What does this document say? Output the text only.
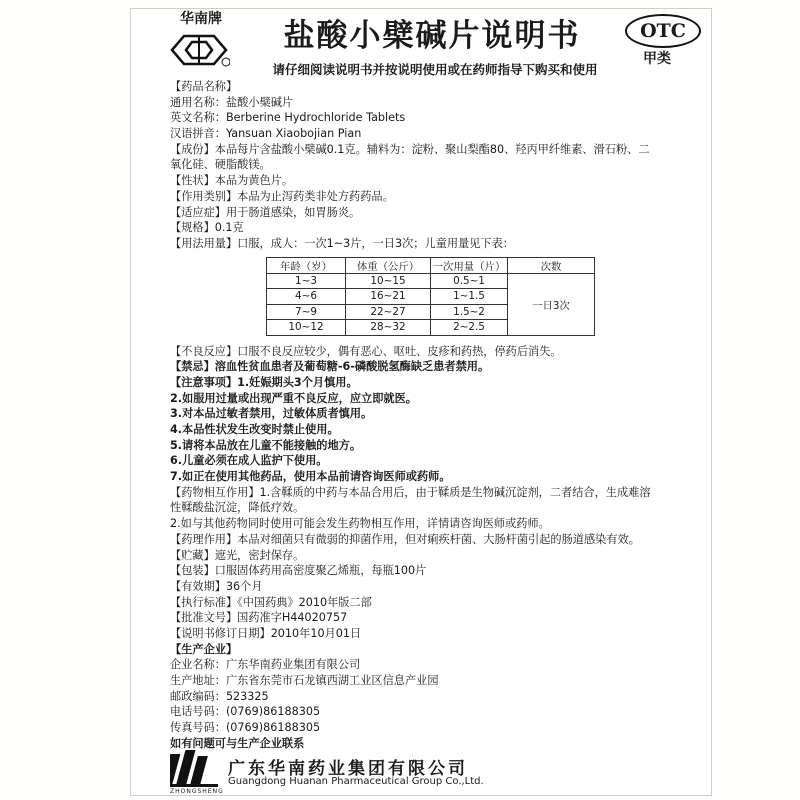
华南牌	盐酸小檗碱片说明书
请仔细阅读说明书并按说明使用或在药师指导下购买和使用
OTC
甲类
【药品名称】
通用名称：盐酸小檗碱片
英文名称：Berberine Hydrochloride Tablets
汉语拼音：Yansuan Xiaobojian Pian
【成份】本品每片含盐酸小檗碱0.1克。辅料为：淀粉、聚山梨酯80、羟丙甲纤维素、滑石粉、二
氧化硅、硬脂酸镁。
【性状】本品为黄色片。
【作用类别】本品为止泻药类非处方药药品。
【适应症】用于肠道感染，如胃肠炎。
【规格】0.1克
【用法用量】口服，成人：一次1~3片，一日3次；儿童用量见下表：
年龄（岁）	体重（公斤）	一次用量（片）	次数
1~3	10~15	0.5~1	一日3次
4~6	16~21	1~1.5	
7~9	22~27	1.5~2	
10~12	28~32	2~2.5	
【不良反应】口服不良反应较少，偶有恶心、呕吐、皮疹和药热，停药后消失。
【禁忌】溶血性贫血患者及葡萄糖-6-磷酸脱氢酶缺乏患者禁用。
【注意事项】1.妊娠期头3个月慎用。
2.如服用过量或出现严重不良反应，应立即就医。
3.对本品过敏者禁用，过敏体质者慎用。
4.本品性状发生改变时禁止使用。
5.请将本品放在儿童不能接触的地方。
6.儿童必须在成人监护下使用。
7.如正在使用其他药品，使用本品前请咨询医师或药师。
【药物相互作用】1.含鞣质的中药与本品合用后，由于鞣质是生物碱沉淀剂，二者结合，生成难溶
性鞣酸盐沉淀，降低疗效。
2.如与其他药物同时使用可能会发生药物相互作用，详情请咨询医师或药师。
【药理作用】本品对细菌只有微弱的抑菌作用，但对痢疾杆菌、大肠杆菌引起的肠道感染有效。
【贮藏】遮光，密封保存。
【包装】口服固体药用高密度聚乙烯瓶，每瓶100片
【有效期】36个月
【执行标准】《中国药典》2010年版二部
【批准文号】国药准字H44020757
【说明书修订日期】2010年10月01日
【生产企业】
企业名称：广东华南药业集团有限公司
生产地址：广东省东莞市石龙镇西湖工业区信息产业园
邮政编码：523325
电话号码：(0769)86188305
传真号码：(0769)86188305
如有问题可与生产企业联系
广东华南药业集团有限公司
Guangdong Huanan Pharmaceutical Group Co.,Ltd.
ZHONGSHENG
